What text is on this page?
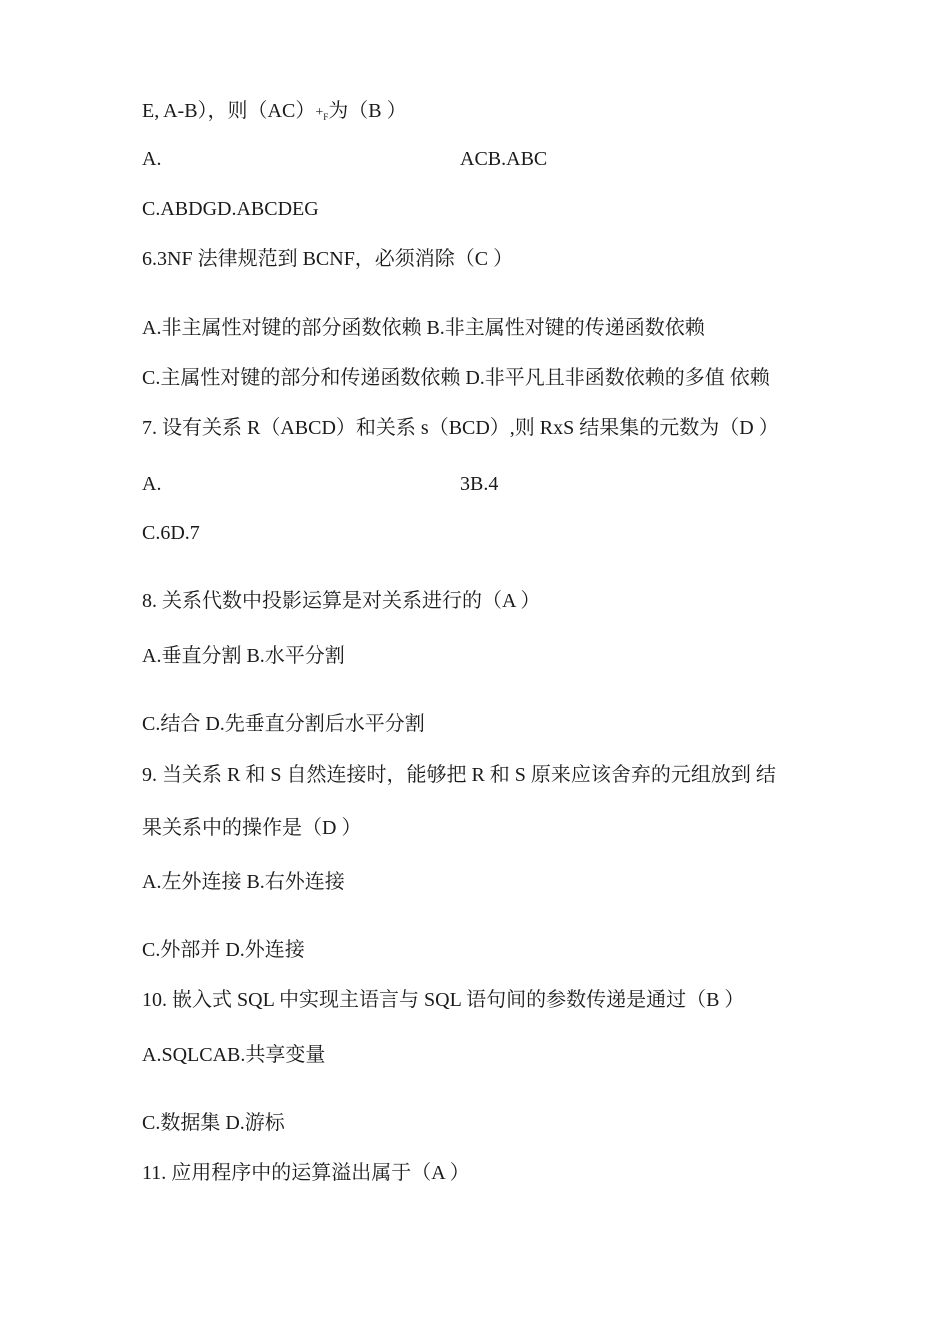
E, A-B），则$(AC)+_F$为（B ）
A.	ACB.ABC
C.ABDGD.ABCDEG
6.3NF 法律规范到 BCNF，必须消除（C ）
A.非主属性对键的部分函数依赖 B.非主属性对键的传递函数依赖
C.主属性对键的部分和传递函数依赖 D.非平凡且非函数依赖的多值 依赖
7. 设有关系 R（ABCD）和关系 s（BCD）,则 RxS 结果集的元数为（D ）
A.	3B.4
C.6D.7
8. 关系代数中投影运算是对关系进行的（A ）
A.垂直分割 B.水平分割
C.结合 D.先垂直分割后水平分割
9. 当关系 R 和 S 自然连接时，能够把 R 和 S 原来应该舍弃的元组放到 结
果关系中的操作是（D ）
A.左外连接 B.右外连接
C.外部并 D.外连接
10. 嵌入式 SQL 中实现主语言与 SQL 语句间的参数传递是通过（B ）
A.SQLCAB.共享变量
C.数据集 D.游标
11. 应用程序中的运算溢出属于（A ）
